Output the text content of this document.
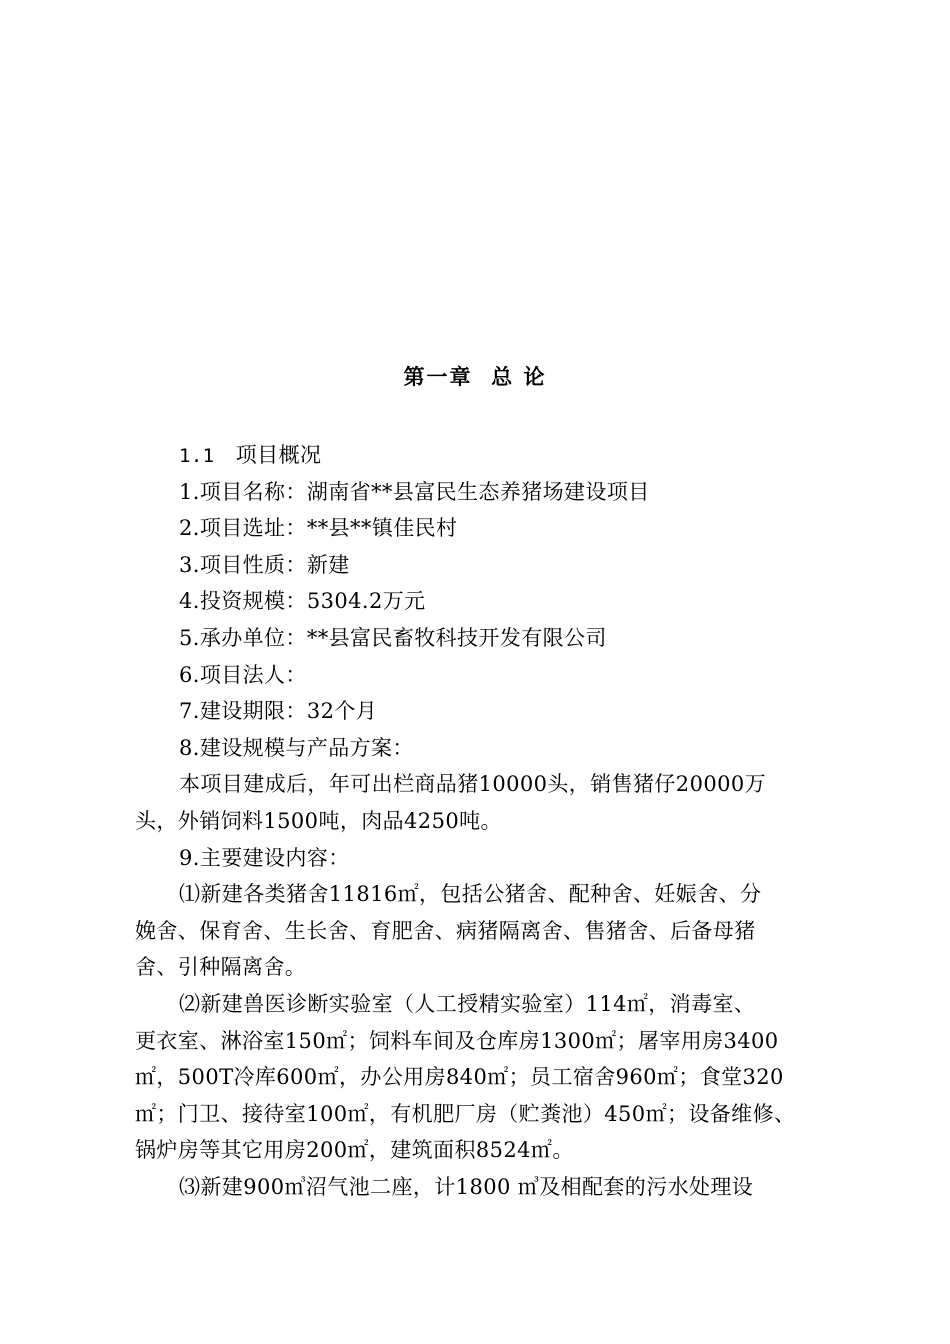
第一章  总 论
1.1 项目概况
1.项目名称：湖南省**县富民生态养猪场建设项目
2.项目选址：**县**镇佳民村
3.项目性质：新建
4.投资规模：5304.2万元
5.承办单位：**县富民畜牧科技开发有限公司
6.项目法人：
7.建设期限：32个月
8.建设规模与产品方案：
本项目建成后，年可出栏商品猪10000头，销售猪仔20000万
头，外销饲料1500吨，肉品4250吨。
9.主要建设内容：
⑴新建各类猪舍11816㎡，包括公猪舍、配种舍、妊娠舍、分
娩舍、保育舍、生长舍、育肥舍、病猪隔离舍、售猪舍、后备母猪
舍、引种隔离舍。
⑵新建兽医诊断实验室（人工授精实验室）114㎡，消毒室、
更衣室、淋浴室150㎡；饲料车间及仓库房1300㎡；屠宰用房3400
㎡，500T冷库600㎡，办公用房840㎡；员工宿舍960㎡；食堂320
㎡；门卫、接待室100㎡，有机肥厂房（贮粪池）450㎡；设备维修、
锅炉房等其它用房200㎡，建筑面积8524㎡。
⑶新建900㎥沼气池二座，计1800 ㎥及相配套的污水处理设
